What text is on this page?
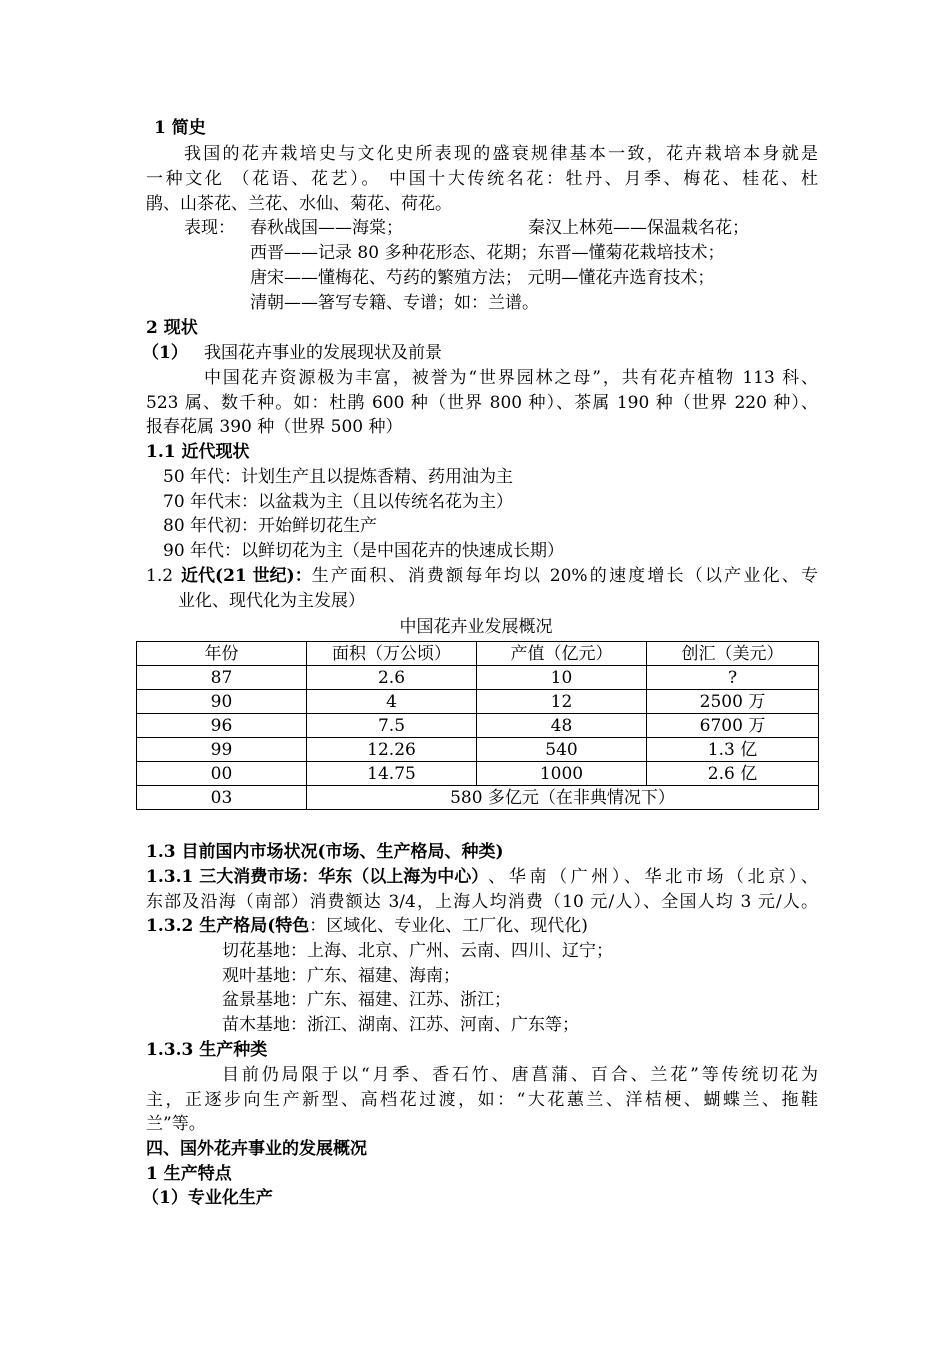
1 简史
我国的花卉栽培史与文化史所表现的盛衰规律基本一致，花卉栽培本身就是
一种文化 （花语、花艺）。 中国十大传统名花：牡丹、月季、梅花、桂花、杜
鹃、山茶花、兰花、水仙、菊花、荷花。
表现： 春秋战国——海棠；	秦汉上林苑——保温栽名花；
西晋——记录 80 多种花形态、花期；东晋—懂菊花栽培技术；
唐宋——懂梅花、芍药的繁殖方法； 元明—懂花卉选育技术；
清朝——箸写专籍、专谱；如：兰谱。
2 现状
（1） 我国花卉事业的发展现状及前景
中国花卉资源极为丰富，被誉为“世界园林之母”，共有花卉植物 113 科、
523 属、数千种。如：杜鹃 600 种（世界 800 种）、茶属 190 种（世界 220 种）、
报春花属 390 种（世界 500 种）
1.1 近代现状
50 年代：计划生产且以提炼香精、药用油为主
70 年代末：以盆栽为主（且以传统名花为主）
80 年代初：开始鲜切花生产
90 年代：以鲜切花为主（是中国花卉的快速成长期）
1.2 近代(21 世纪)： 生产面积、消费额每年均以 20%的速度增长（以产业化、专
业化、现代化为主发展）
中国花卉业发展概况
年份	面积（万公顷）	产值（亿元）	创汇（美元）
87	2.6	10	?
90	4	12	2500 万
96	7.5	48	6700 万
99	12.26	540	1.3 亿
00	14.75	1000	2.6 亿
03	580 多亿元（在非典情况下）		
1.3 目前国内市场状况(市场、生产格局、种类)
1.3.1 三大消费市场：华东（以上海为中心） 、华南（广州）、华北市场（北京）、
东部及沿海（南部）消费额达 3/4，上海人均消费（10 元/人）、全国人均 3 元/人。
1.3.2 生产格局(特色：区域化、专业化、工厂化、现代化)
切花基地：上海、北京、广州、云南、四川、辽宁；
观叶基地：广东、福建、海南；
盆景基地：广东、福建、江苏、浙江；
苗木基地：浙江、湖南、江苏、河南、广东等；
1.3.3 生产种类
目前仍局限于以“月季、香石竹、唐菖蒲、百合、兰花”等传统切花为
主，正逐步向生产新型、高档花过渡，如：“大花蕙兰、洋桔梗、蝴蝶兰、拖鞋
兰”等。
四、国外花卉事业的发展概况
1 生产特点
（1）专业化生产
